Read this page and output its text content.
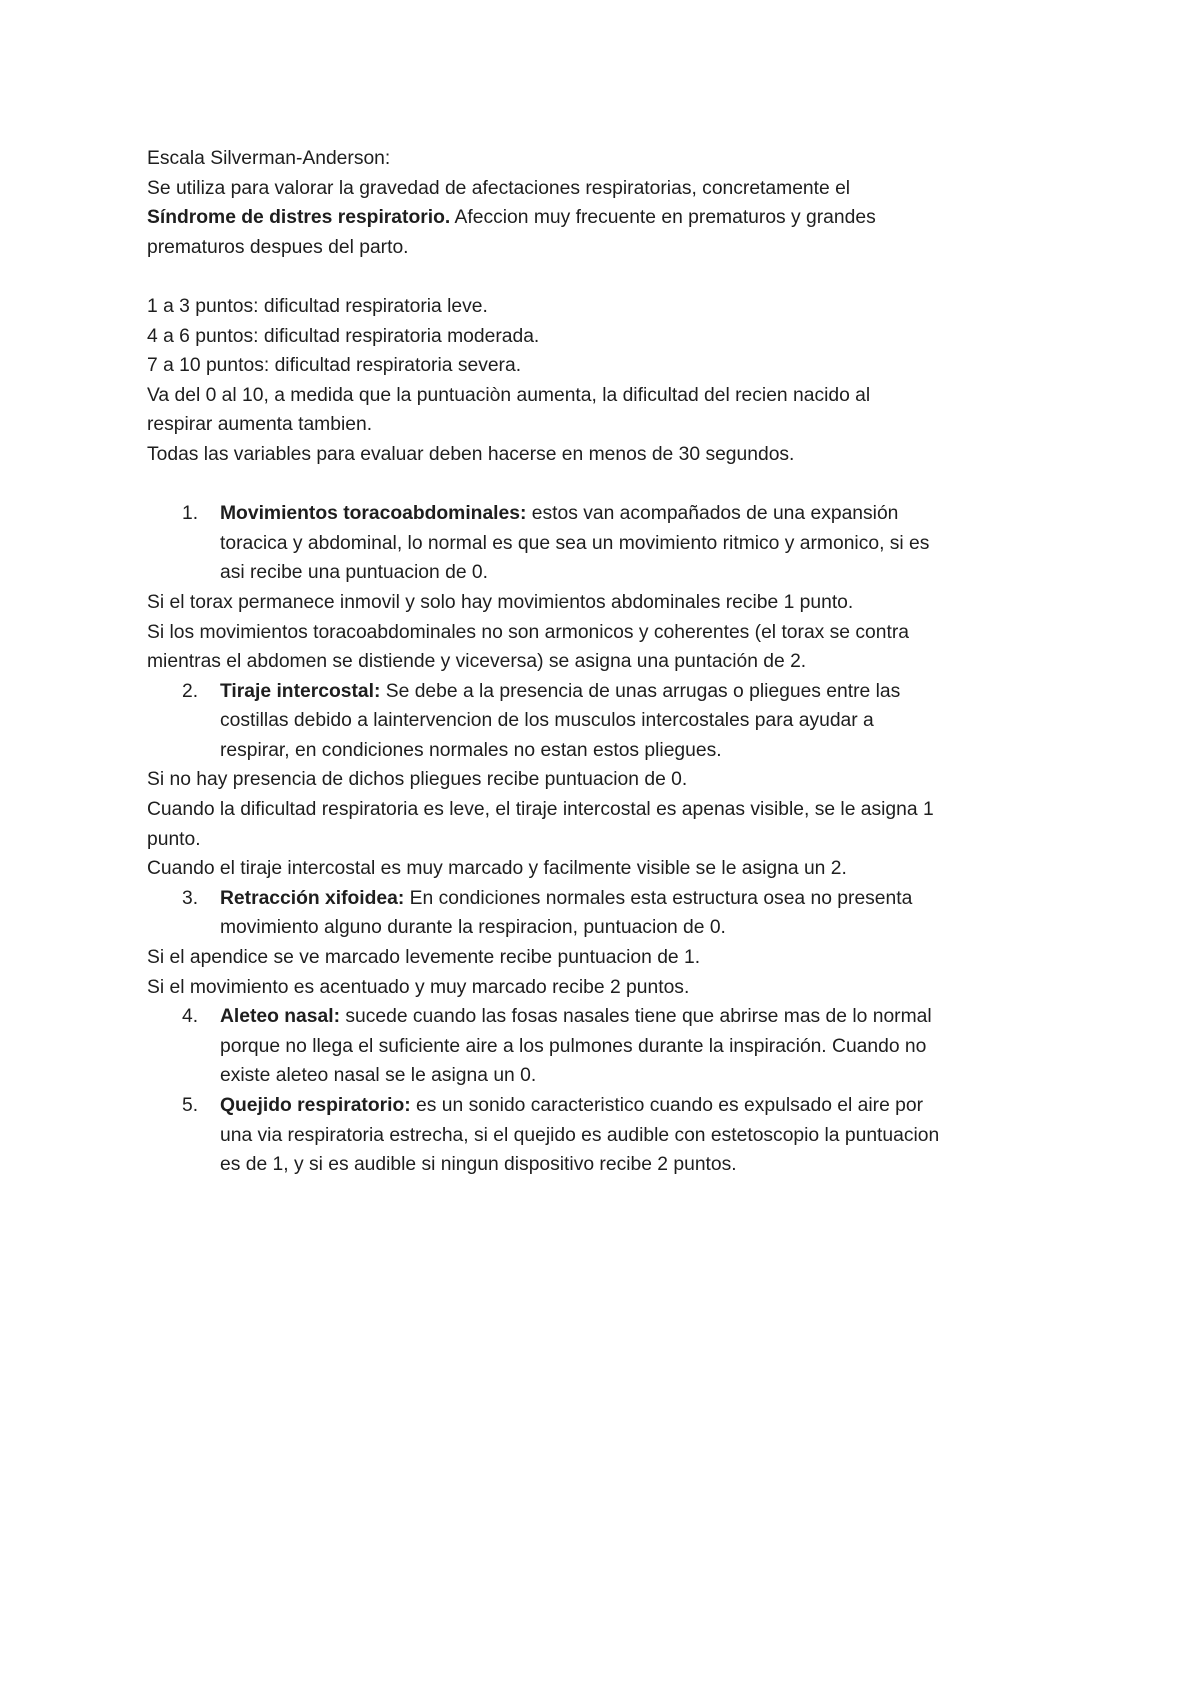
Escala Silverman-Anderson:

Se utiliza para valorar la gravedad de afectaciones respiratorias, concretamente el

Síndrome de distres respiratorio. Afeccion muy frecuente en prematuros y grandes

prematuros despues del parto.

1 a 3 puntos: dificultad respiratoria leve.

4 a 6 puntos: dificultad respiratoria moderada.

7 a 10 puntos: dificultad respiratoria severa.

Va del 0 al 10, a medida que la puntuaciòn aumenta, la dificultad del recien nacido al

respirar aumenta tambien.

Todas las variables para evaluar deben hacerse en menos de 30 segundos.

1. Movimientos toracoabdominales: estos van acompañados de una expansión

toracica y abdominal, lo normal es que sea un movimiento ritmico y armonico, si es

asi recibe una puntuacion de 0.

Si el torax permanece inmovil y solo hay movimientos abdominales recibe 1 punto.

Si los movimientos toracoabdominales no son armonicos y coherentes (el torax se contra

mientras el abdomen se distiende y viceversa) se asigna una puntación de 2.

2. Tiraje intercostal: Se debe a la presencia de unas arrugas o pliegues entre las

costillas debido a laintervencion de los musculos intercostales para ayudar a

respirar, en condiciones normales no estan estos pliegues.

Si no hay presencia de dichos pliegues recibe puntuacion de 0.

Cuando la dificultad respiratoria es leve, el tiraje intercostal es apenas visible, se le asigna 1

punto.

Cuando el tiraje intercostal es muy marcado y facilmente visible se le asigna un 2.

3. Retracción xifoidea: En condiciones normales esta estructura osea no presenta

movimiento alguno durante la respiracion, puntuacion de 0.

Si el apendice se ve marcado levemente recibe puntuacion de 1.

Si el movimiento es acentuado y muy marcado recibe 2 puntos.

4. Aleteo nasal: sucede cuando las fosas nasales tiene que abrirse mas de lo normal

porque no llega el suficiente aire a los pulmones durante la inspiración. Cuando no

existe aleteo nasal se le asigna un 0.

5. Quejido respiratorio: es un sonido caracteristico cuando es expulsado el aire por

una via respiratoria estrecha, si el quejido es audible con estetoscopio la puntuacion

es de 1, y si es audible si ningun dispositivo recibe 2 puntos.
